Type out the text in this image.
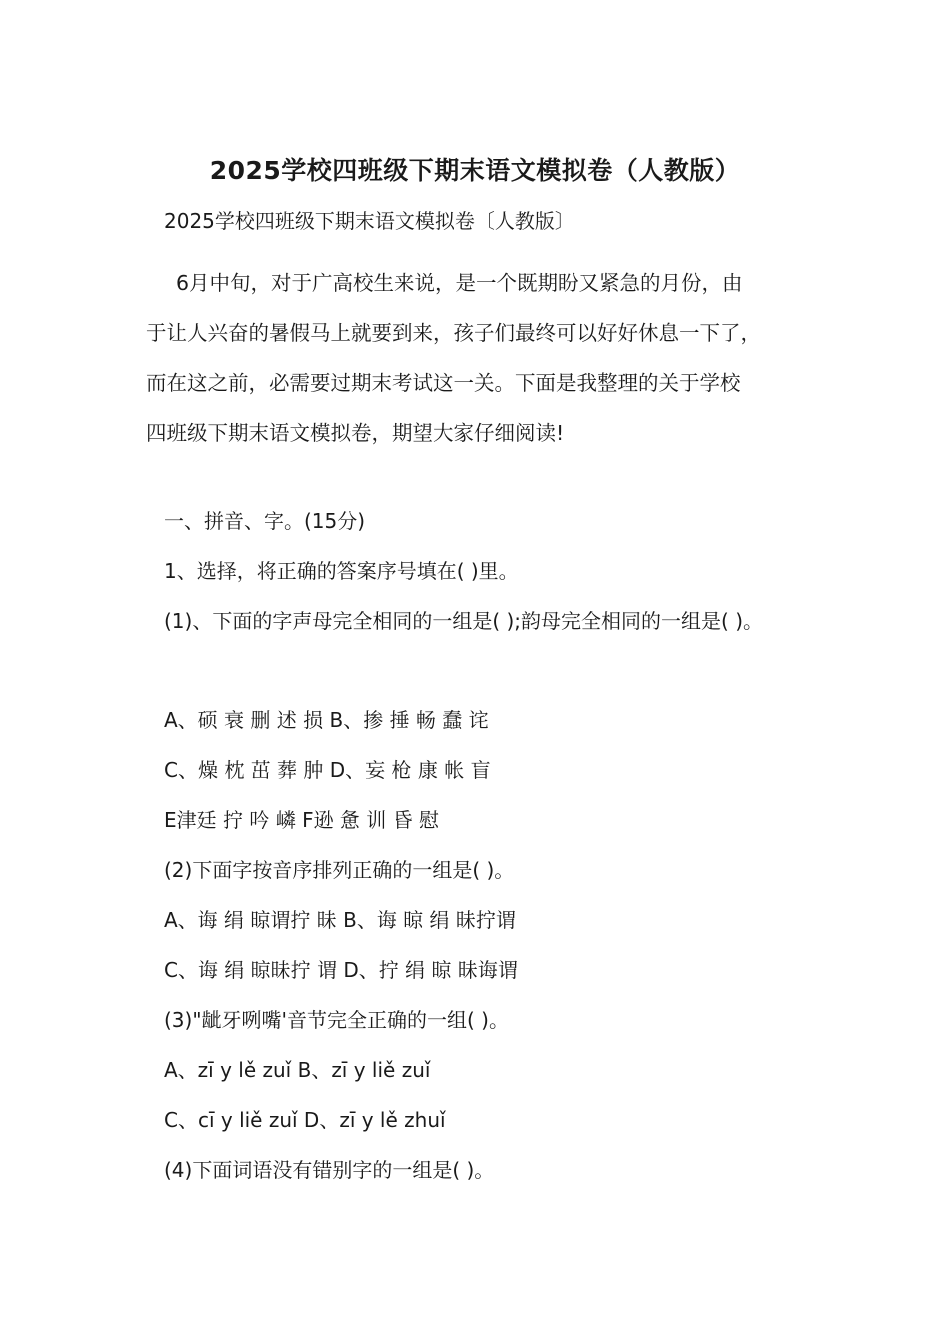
2025学校四班级下期末语文模拟卷（人教版）
2025学校四班级下期末语文模拟卷〔人教版〕

6月中旬，对于广高校生来说，是一个既期盼又紧急的月份，由

于让人兴奋的暑假马上就要到来，孩子们最终可以好好休息一下了，

而在这之前，必需要过期末考试这一关。下面是我整理的关于学校

四班级下期末语文模拟卷，期望大家仔细阅读!

一、拼音、字。(15分)
1、选择，将正确的答案序号填在( )里。
(1)、下面的字声母完全相同的一组是( );韵母完全相同的一组是( )。
A、硕 衰 删 述 损 B、掺 捶 畅 蠢 诧
C、燥 枕 茁 葬 肿 D、妄 枪 康 帐 盲
E津廷 拧 吟 嶙 F逊 惫 训 昏 慰
(2)下面字按音序排列正确的一组是( )。
A、诲 绢 晾谓拧 昧 B、诲 晾 绢 昧拧谓
C、诲 绢 晾昧拧 谓 D、拧 绢 晾 昧诲谓
(3)"龇牙咧嘴'音节完全正确的一组( )。
A、zī y lě zuǐ B、zī y liě zuǐ
C、cī y liě zuǐ D、zī y lě zhuǐ
(4)下面词语没有错别字的一组是( )。
